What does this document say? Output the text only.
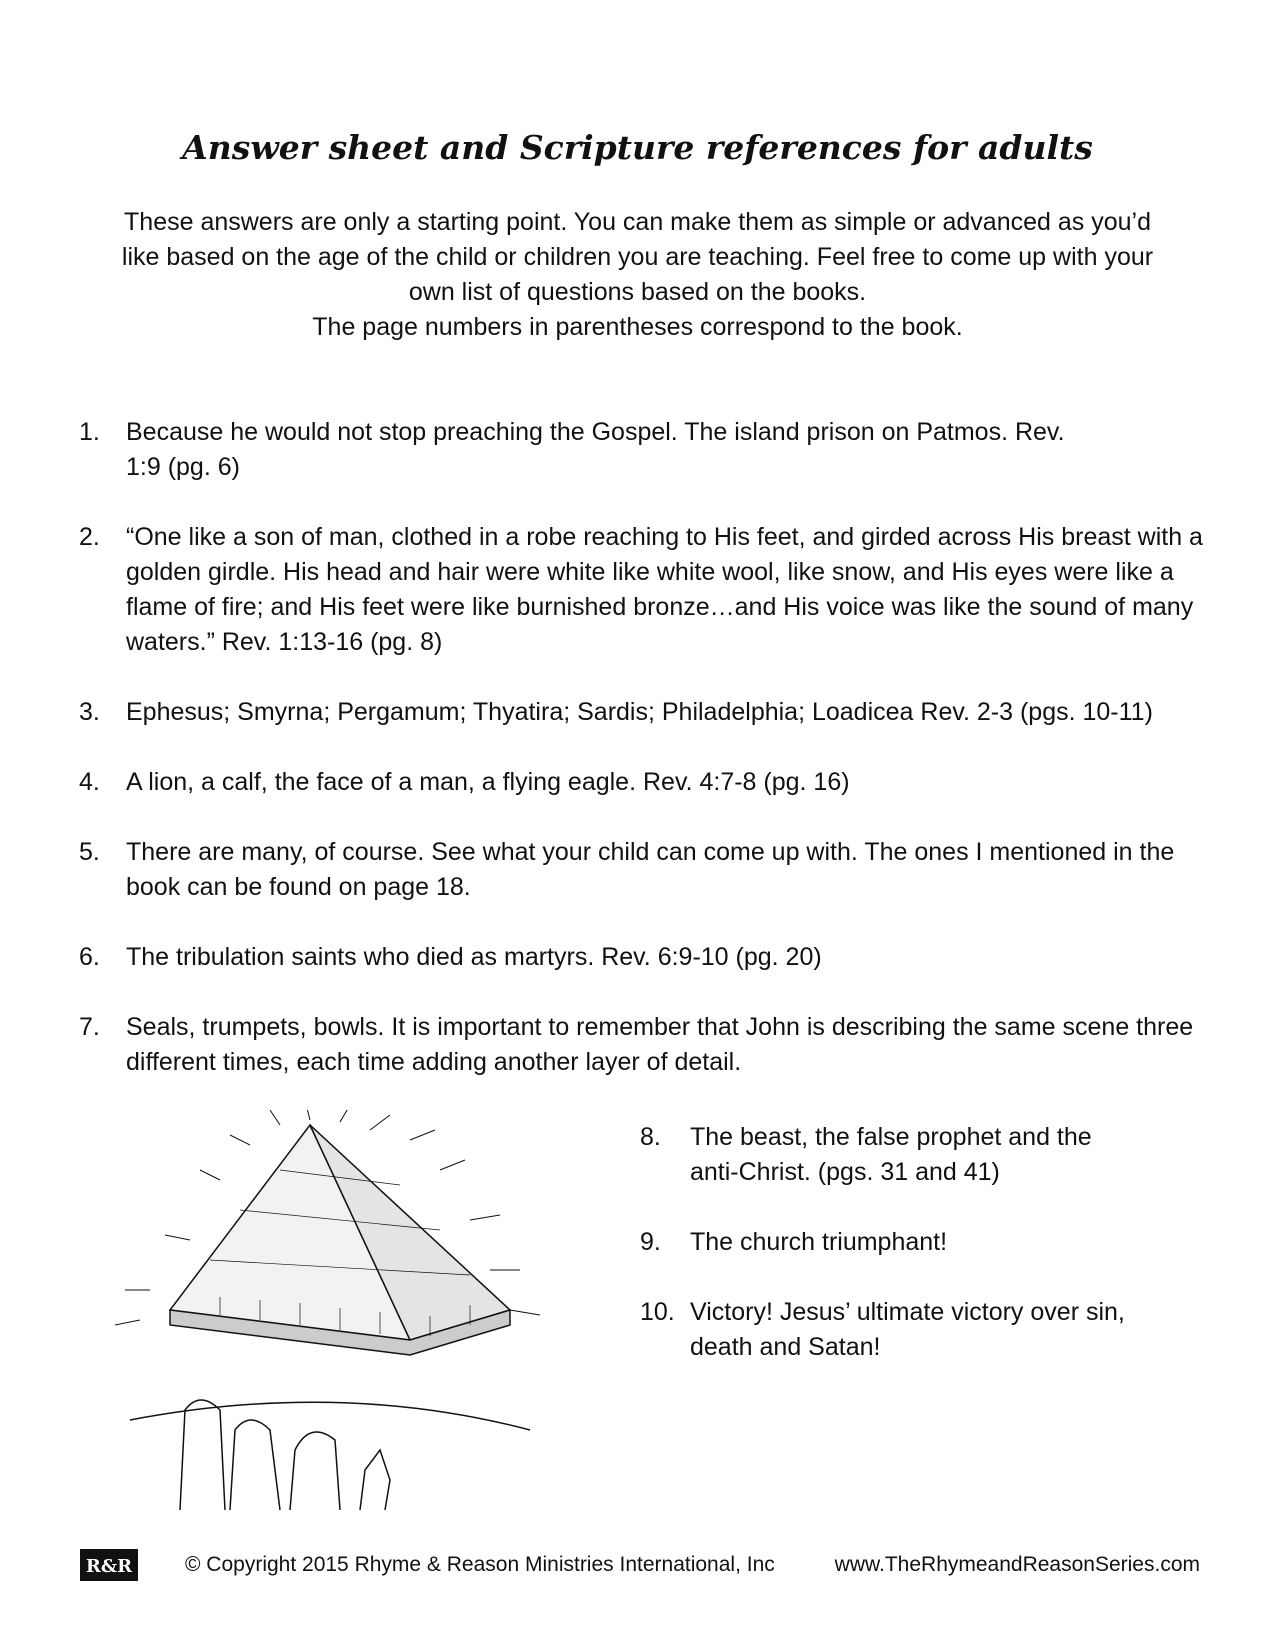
Answer sheet and Scripture references for adults
These answers are only a starting point. You can make them as simple or advanced as you’d
like based on the age of the child or children you are teaching. Feel free to come up with your
own list of questions based on the books.
The page numbers in parentheses correspond to the book.
1. Because he would not stop preaching the Gospel. The island prison on Patmos. Rev. 1:9 (pg. 6)
2. “One like a son of man, clothed in a robe reaching to His feet, and girded across His breast with a golden girdle. His head and hair were white like white wool, like snow, and His eyes were like a flame of fire; and His feet were like burnished bronze…and His voice was like the sound of many waters.” Rev. 1:13-16 (pg. 8)
3. Ephesus; Smyrna; Pergamum; Thyatira; Sardis; Philadelphia; Loadicea Rev. 2-3 (pgs. 10-11)
4. A lion, a calf, the face of a man, a flying eagle. Rev. 4:7-8 (pg. 16)
5. There are many, of course. See what your child can come up with. The ones I mentioned in the book can be found on page 18.
6. The tribulation saints who died as martyrs. Rev. 6:9-10 (pg. 20)
7. Seals, trumpets, bowls. It is important to remember that John is describing the same scene three different times, each time adding another layer of detail.
8. The beast, the false prophet and the anti-Christ. (pgs. 31 and 41)
9. The church triumphant!
10. Victory! Jesus’ ultimate victory over sin, death and Satan!
R&R	© Copyright 2015 Rhyme & Reason Ministries International, Inc	www.TheRhymeandReasonSeries.com
